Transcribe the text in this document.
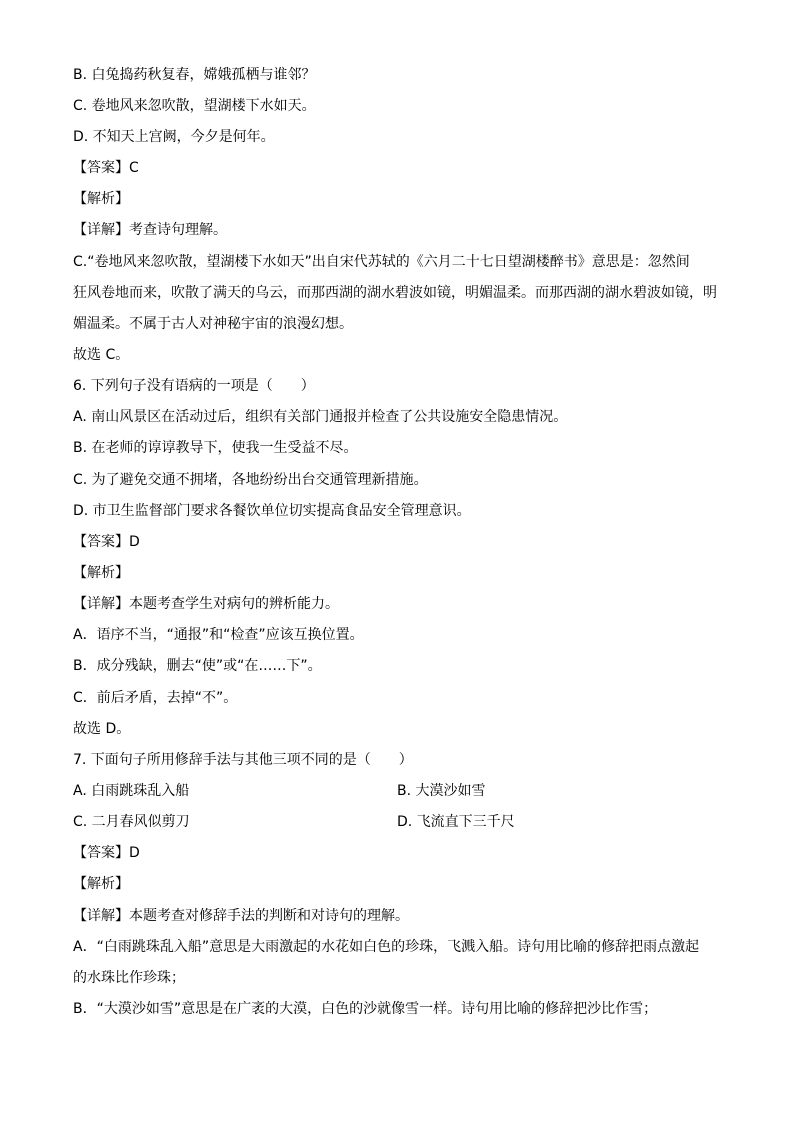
B. 白兔捣药秋复春，嫦娥孤栖与谁邻？
C. 卷地风来忽吹散，望湖楼下水如天。
D. 不知天上宫阙，今夕是何年。
【答案】C
【解析】
【详解】考查诗句理解。
C.“卷地风来忽吹散，望湖楼下水如天”出自宋代苏轼的《六月二十七日望湖楼醉书》意思是：忽然间
狂风卷地而来，吹散了满天的乌云，而那西湖的湖水碧波如镜，明媚温柔。而那西湖的湖水碧波如镜，明
媚温柔。不属于古人对神秘宇宙的浪漫幻想。
故选 C。
6. 下列句子没有语病的一项是（　　）
A. 南山风景区在活动过后，组织有关部门通报并检查了公共设施安全隐患情况。
B. 在老师的谆谆教导下，使我一生受益不尽。
C. 为了避免交通不拥堵，各地纷纷出台交通管理新措施。
D. 市卫生监督部门要求各餐饮单位切实提高食品安全管理意识。
【答案】D
【解析】
【详解】本题考查学生对病句的辨析能力。
A．语序不当，“通报”和“检查”应该互换位置。
B．成分残缺，删去“使”或“在……下”。
C．前后矛盾，去掉“不”。
故选 D。
7. 下面句子所用修辞手法与其他三项不同的是（　　）
A. 白雨跳珠乱入船	B. 大漠沙如雪
C. 二月春风似剪刀	D. 飞流直下三千尺
【答案】D
【解析】
【详解】本题考查对修辞手法的判断和对诗句的理解。
A．“白雨跳珠乱入船”意思是大雨激起的水花如白色的珍珠，飞溅入船。诗句用比喻的修辞把雨点激起
的水珠比作珍珠；
B．“大漠沙如雪”意思是在广袤的大漠，白色的沙就像雪一样。诗句用比喻的修辞把沙比作雪；
